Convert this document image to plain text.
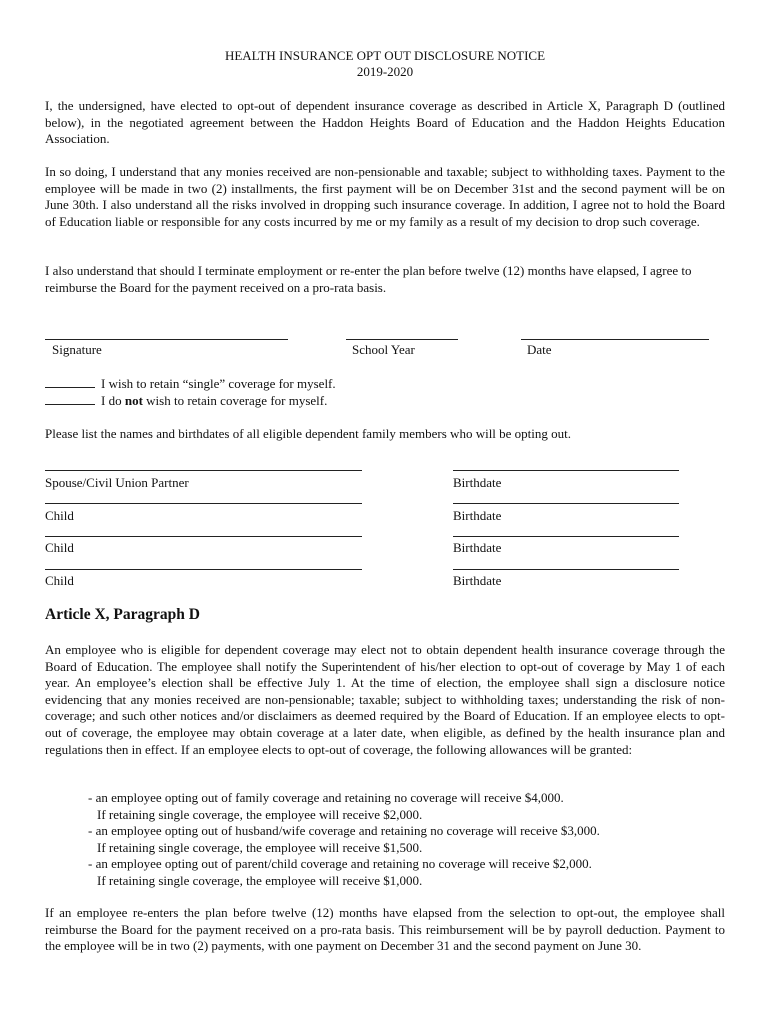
HEALTH INSURANCE OPT OUT DISCLOSURE NOTICE
2019-2020

I, the undersigned, have elected to opt-out of dependent insurance coverage as described in Article X, Paragraph D (outlined below), in the negotiated agreement between the Haddon Heights Board of Education and the Haddon Heights Education Association.

In so doing, I understand that any monies received are non-pensionable and taxable; subject to withholding taxes. Payment to the employee will be made in two (2) installments, the first payment will be on December 31st and the second payment will be on June 30th. I also understand all the risks involved in dropping such insurance coverage. In addition, I agree not to hold the Board of Education liable or responsible for any costs incurred by me or my family as a result of my decision to drop such coverage.

I also understand that should I terminate employment or re-enter the plan before twelve (12) months have elapsed, I agree to reimburse the Board for the payment received on a pro-rata basis.

Signature	School Year	Date
I wish to retain “single” coverage for myself.
I do not wish to retain coverage for myself.
Please list the names and birthdates of all eligible dependent family members who will be opting out.
Spouse/Civil Union Partner	Birthdate
Child	Birthdate
Child	Birthdate
Child	Birthdate
Article X, Paragraph D

An employee who is eligible for dependent coverage may elect not to obtain dependent health insurance coverage through the Board of Education. The employee shall notify the Superintendent of his/her election to opt-out of coverage by May 1 of each year. An employee’s election shall be effective July 1. At the time of election, the employee shall sign a disclosure notice evidencing that any monies received are non-pensionable; taxable; subject to withholding taxes; understanding the risk of non-coverage; and such other notices and/or disclaimers as deemed required by the Board of Education. If an employee elects to opt-out of coverage, the employee may obtain coverage at a later date, when eligible, as defined by the health insurance plan and regulations then in effect. If an employee elects to opt-out of coverage, the following allowances will be granted:

- an employee opting out of family coverage and retaining no coverage will receive $4,000.
If retaining single coverage, the employee will receive $2,000.
- an employee opting out of husband/wife coverage and retaining no coverage will receive $3,000.
If retaining single coverage, the employee will receive $1,500.
- an employee opting out of parent/child coverage and retaining no coverage will receive $2,000.
If retaining single coverage, the employee will receive $1,000.

If an employee re-enters the plan before twelve (12) months have elapsed from the selection to opt-out, the employee shall reimburse the Board for the payment received on a pro-rata basis. This reimbursement will be by payroll deduction. Payment to the employee will be in two (2) payments, with one payment on December 31 and the second payment on June 30.
